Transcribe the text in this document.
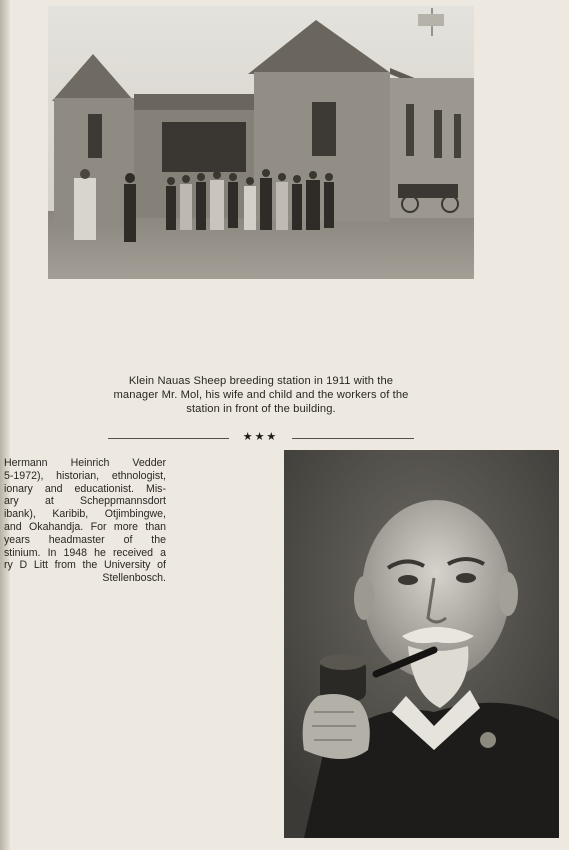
Klein Nauas Sheep breeding station in 1911 with the
manager Mr. Mol, his wife and child and the workers of the
station in front of the building.
★★★
Hermann Heinrich Vedder
5-1972), historian, ethnologist,
ionary and educationist. Mis-
ary at Scheppmannsdort
ibank), Karibib, Otjimbingwe,
and Okahandja. For more than
years headmaster of the
stinium. In 1948 he received a
ry D Litt from the University of
Stellenbosch.
